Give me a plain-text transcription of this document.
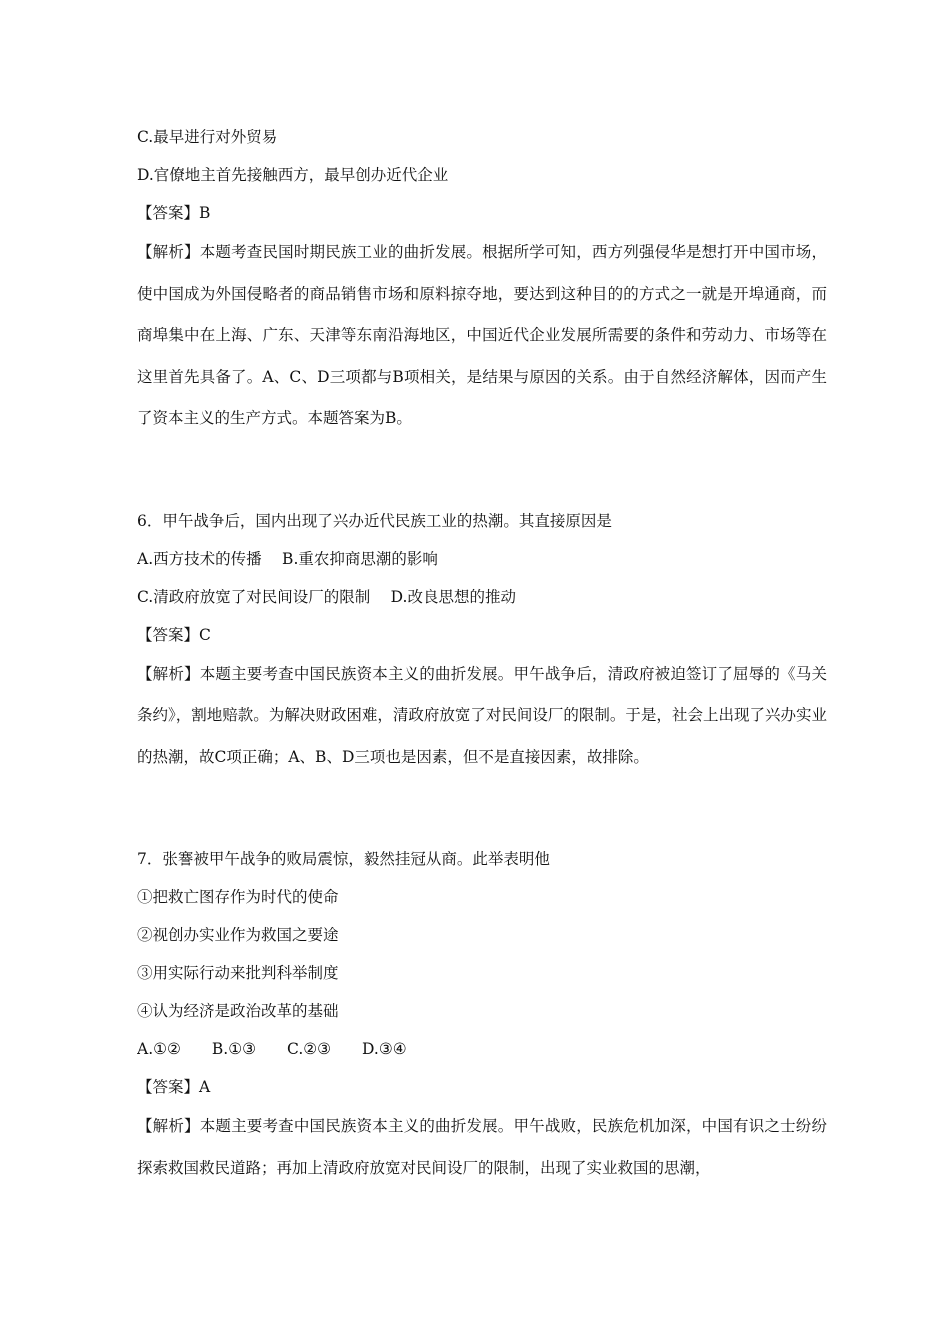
C.最早进行对外贸易
D.官僚地主首先接触西方，最早创办近代企业
【答案】B

【解析】本题考查民国时期民族工业的曲折发展。根据所学可知，西方列强侵华是想打开中国市场，使中国成为外国侵略者的商品销售市场和原料掠夺地，要达到这种目的的方式之一就是开埠通商，而商埠集中在上海、广东、天津等东南沿海地区，中国近代企业发展所需要的条件和劳动力、市场等在这里首先具备了。A、C、D三项都与B项相关，是结果与原因的关系。由于自然经济解体，因而产生了资本主义的生产方式。本题答案为B。

6．甲午战争后，国内出现了兴办近代民族工业的热潮。其直接原因是
A.西方技术的传播　 B.重农抑商思潮的影响
C.清政府放宽了对民间设厂的限制　 D.改良思想的推动
【答案】C

【解析】本题主要考查中国民族资本主义的曲折发展。甲午战争后，清政府被迫签订了屈辱的《马关条约》，割地赔款。为解决财政困难，清政府放宽了对民间设厂的限制。于是，社会上出现了兴办实业的热潮，故C项正确；A、B、D三项也是因素，但不是直接因素，故排除。

7．张謇被甲午战争的败局震惊，毅然挂冠从商。此举表明他
①把救亡图存作为时代的使命
②视创办实业作为救国之要途
③用实际行动来批判科举制度
④认为经济是政治改革的基础
A.①②　　B.①③　　C.②③　　D.③④
【答案】A

【解析】本题主要考查中国民族资本主义的曲折发展。甲午战败，民族危机加深，中国有识之士纷纷探索救国救民道路；再加上清政府放宽对民间设厂的限制，出现了实业救国的思潮，
